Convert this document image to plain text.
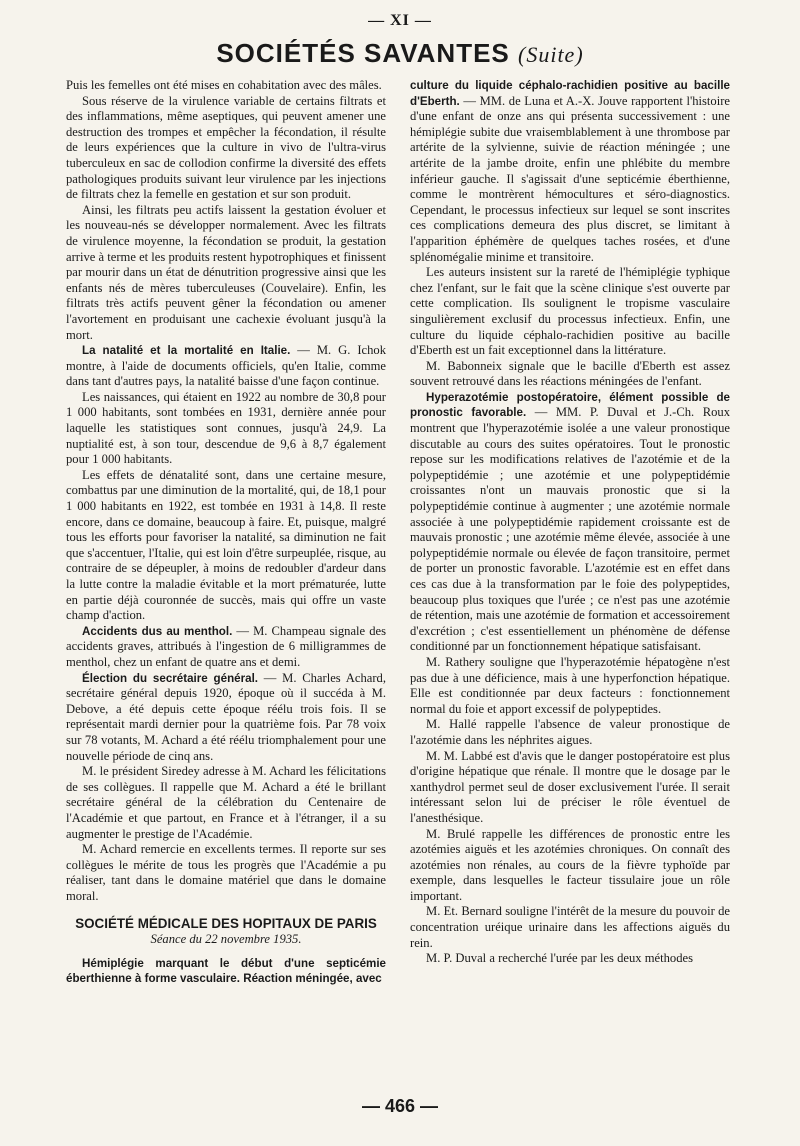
— XI —
SOCIÉTÉS SAVANTES (Suite)

Puis les femelles ont été mises en cohabitation avec des mâles.

Sous réserve de la virulence variable de certains filtrats et des inflammations, même aseptiques, qui peuvent amener une destruction des trompes et empêcher la fécondation, il résulte de leurs expériences que la culture in vivo de l'ultra-virus tuberculeux en sac de collodion confirme la diversité des effets pathologiques produits suivant leur virulence par les injections de filtrats chez la femelle en gestation et sur son produit.

Ainsi, les filtrats peu actifs laissent la gestation évoluer et les nouveau-nés se développer normalement. Avec les filtrats de virulence moyenne, la fécondation se produit, la gestation arrive à terme et les produits restent hypotrophiques et finissent par mourir dans un état de dénutrition progressive ainsi que les enfants nés de mères tuberculeuses (Couvelaire). Enfin, les filtrats très actifs peuvent gêner la fécondation ou amener l'avortement en produisant une cachexie évoluant jusqu'à la mort.

La natalité et la mortalité en Italie. — M. G. Ichok montre, à l'aide de documents officiels, qu'en Italie, comme dans tant d'autres pays, la natalité baisse d'une façon continue.

Les naissances, qui étaient en 1922 au nombre de 30,8 pour 1 000 habitants, sont tombées en 1931, dernière année pour laquelle les statistiques sont connues, jusqu'à 24,9. La nuptialité est, à son tour, descendue de 9,6 à 8,7 également pour 1 000 habitants.

Les effets de dénatalité sont, dans une certaine mesure, combattus par une diminution de la mortalité, qui, de 18,1 pour 1 000 habitants en 1922, est tombée en 1931 à 14,8. Il reste encore, dans ce domaine, beaucoup à faire. Et, puisque, malgré tous les efforts pour favoriser la natalité, sa diminution ne fait que s'accentuer, l'Italie, qui est loin d'être surpeuplée, risque, au contraire de se dépeupler, à moins de redoubler d'ardeur dans la lutte contre la maladie évitable et la mort prématurée, lutte en partie déjà couronnée de succès, mais qui offre un vaste champ d'action.

Accidents dus au menthol. — M. Champeau signale des accidents graves, attribués à l'ingestion de 6 milligrammes de menthol, chez un enfant de quatre ans et demi.

Élection du secrétaire général. — M. Charles Achard, secrétaire général depuis 1920, époque où il succéda à M. Debove, a été depuis cette époque réélu trois fois. Il se représentait mardi dernier pour la quatrième fois. Par 78 voix sur 78 votants, M. Achard a été réélu triomphalement pour une nouvelle période de cinq ans.

M. le président Siredey adresse à M. Achard les félicitations de ses collègues. Il rappelle que M. Achard a été le brillant secrétaire général de la célébration du Centenaire de l'Académie et que partout, en France et à l'étranger, il a su augmenter le prestige de l'Académie.

M. Achard remercie en excellents termes. Il reporte sur ses collègues le mérite de tous les progrès que l'Académie a pu réaliser, tant dans le domaine matériel que dans le domaine moral.

SOCIÉTÉ MÉDICALE DES HOPITAUX DE PARIS
Séance du 22 novembre 1935.

Hémiplégie marquant le début d'une septicémie éberthienne à forme vasculaire. Réaction méningée, avec

culture du liquide céphalo-rachidien positive au bacille d'Eberth. — MM. de Luna et A.-X. Jouve rapportent l'histoire d'une enfant de onze ans qui présenta successivement : une hémiplégie subite due vraisemblablement à une thrombose par artérite de la sylvienne, suivie de réaction méningée ; une artérite de la jambe droite, enfin une phlébite du membre inférieur gauche. Il s'agissait d'une septicémie éberthienne, comme le montrèrent hémocultures et séro-diagnostics. Cependant, le processus infectieux sur lequel se sont inscrites ces complications demeura des plus discret, se limitant à l'apparition éphémère de quelques taches rosées, et d'une splénomégalie minime et transitoire.

Les auteurs insistent sur la rareté de l'hémiplégie typhique chez l'enfant, sur le fait que la scène clinique s'est ouverte par cette complication. Ils soulignent le tropisme vasculaire singulièrement exclusif du processus infectieux. Enfin, une culture du liquide céphalo-rachidien positive au bacille d'Eberth est un fait exceptionnel dans la littérature.

M. Babonneix signale que le bacille d'Eberth est assez souvent retrouvé dans les réactions méningées de l'enfant.

Hyperazotémie postopératoire, élément possible de pronostic favorable. — MM. P. Duval et J.-Ch. Roux montrent que l'hyperazotémie isolée a une valeur pronostique discutable au cours des suites opératoires. Tout le pronostic repose sur les modifications relatives de l'azotémie et de la polypeptidémie ; une azotémie et une polypeptidémie croissantes n'ont un mauvais pronostic que si la polypeptidémie continue à augmenter ; une azotémie normale associée à une polypeptidémie rapidement croissante est de mauvais pronostic ; une azotémie même élevée, associée à une polypeptidémie normale ou élevée de façon transitoire, permet de porter un pronostic favorable. L'azotémie est en effet dans ces cas due à la transformation par le foie des polypeptides, beaucoup plus toxiques que l'urée ; ce n'est pas une azotémie de rétention, mais une azotémie de formation et accessoirement d'excrétion ; c'est essentiellement un phénomène de défense conditionné par un fonctionnement hépatique satisfaisant.

M. Rathery souligne que l'hyperazotémie hépatogène n'est pas due à une déficience, mais à une hyperfonction hépatique. Elle est conditionnée par deux facteurs : fonctionnement normal du foie et apport excessif de polypeptides.

M. Hallé rappelle l'absence de valeur pronostique de l'azotémie dans les néphrites aigues.

M. M. Labbé est d'avis que le danger postopératoire est plus d'origine hépatique que rénale. Il montre que le dosage par le xanthydrol permet seul de doser exclusivement l'urée. Il serait intéressant selon lui de préciser le rôle éventuel de l'anesthésique.

M. Brulé rappelle les différences de pronostic entre les azotémies aiguës et les azotémies chroniques. On connaît des azotémies non rénales, au cours de la fièvre typhoïde par exemple, dans lesquelles le facteur tissulaire joue un rôle important.

M. Et. Bernard souligne l'intérêt de la mesure du pouvoir de concentration uréique urinaire dans les affections aiguës du rein.

M. P. Duval a recherché l'urée par les deux méthodes

— 466 —
